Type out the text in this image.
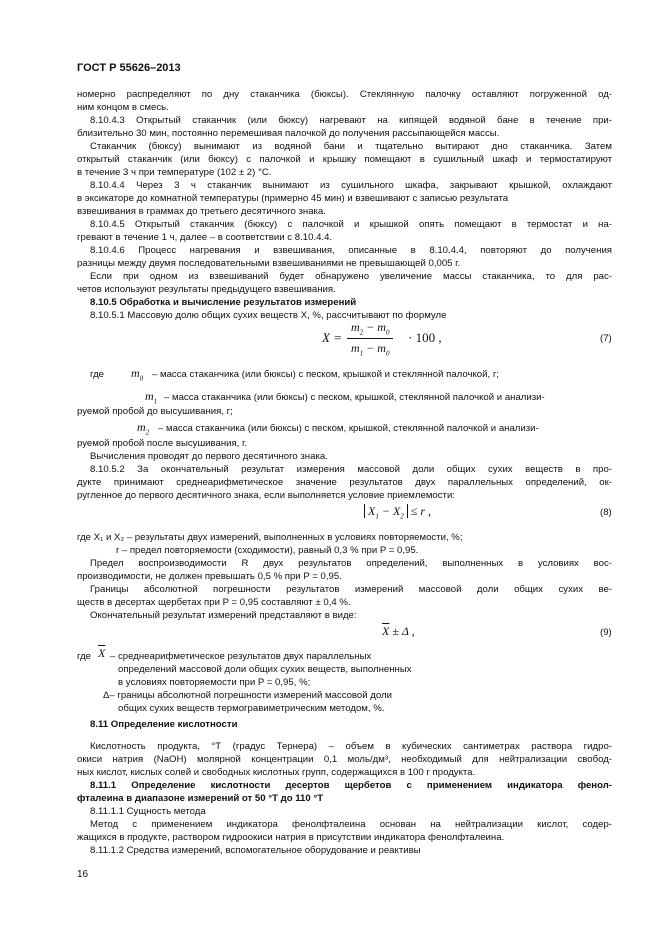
ГОСТ Р 55626–2013
номерно распределяют по дну стаканчика (бюксы). Стеклянную палочку оставляют погруженной од-
ним концом в смесь.
8.10.4.3 Открытый стаканчик (или бюксу) нагревают на кипящей водяной бане в течение при-
близительно 30 мин, постоянно перемешивая палочкой до получения рассыпающейся массы.
Стаканчик (бюксу) вынимают из водяной бани и тщательно вытирают дно стаканчика. Затем
открытый стаканчик (или бюксу) с палочкой и крышку помещают в сушильный шкаф и термостатируют
в течение 3 ч при температуре (102 ± 2) °С.
8.10.4.4 Через 3 ч стаканчик вынимают из сушильного шкафа, закрывают крышкой, охлаждают
в эксикаторе до комнатной температуры (примерно 45 мин) и взвешивают с записью результата
взвешивания в граммах до третьего десятичного знака.
8.10.4.5 Открытый стаканчик (бюксу) с палочкой и крышкой опять помещают в термостат и на-
гревают в течение 1 ч, далее – в соответствии с 8.10.4.4.
8.10.4.6 Процесс нагревания и взвешивания, описанные в 8.10.4.4, повторяют до получения
разницы между двумя последовательными взвешиваниями не превышающей 0,005 г.
Если при одном из взвешиваний будет обнаружено увеличение массы стаканчика, то для рас-
четов используют результаты предыдущего взвешивания.
8.10.5 Обработка и вычисление результатов измерений
8.10.5.1 Массовую долю общих сухих веществ X, %, рассчитывают по формуле
$X = \frac{m_2 - m_0}{m_1 - m_0} \cdot 100$ ,	(7)
где $m_0$ – масса стаканчика (или бюксы) с песком, крышкой и стеклянной палочкой, г;
$m_1$ – масса стаканчика (или бюксы) с песком, крышкой, стеклянной палочкой и анализи-
руемой пробой до высушивания, г;
$m_2$ – масса стаканчика (или бюксы) с песком, крышкой, стеклянной палочкой и анализи-
руемой пробой после высушивания, г.
Вычисления проводят до первого десятичного знака.
8.10.5.2 За окончательный результат измерения массовой доли общих сухих веществ в про-
дукте принимают среднеарифметическое значение результатов двух параллельных определений, ок-
ругленное до первого десятичного знака, если выполняется условие приемлемости:
$X_1 - X_2 \le r$ ,	(8)
где X₁ и X₂ – результаты двух измерений, выполненных в условиях повторяемости, %;
r – предел повторяемости (сходимости), равный 0,3 % при P = 0,95.
Предел воспроизводимости R двух результатов определений, выполненных в условиях вос-
производимости, не должен превышать 0,5 % при P = 0,95.
Границы абсолютной погрешности результатов измерений массовой доли общих сухих ве-
ществ в десертах щербетах при P = 0,95 составляют ± 0,4 %.
Окончательный результат измерений представляют в виде:
$\overline{X} \pm \Delta$ ,	(9)
где $\overline{X}$ – среднеарифметическое результатов двух параллельных
определений массовой доли общих сухих веществ, выполненных
в условиях повторяемости при P = 0,95, %;
Δ– границы абсолютной погрешности измерений массовой доли
общих сухих веществ термогравиметрическим методом, %.
8.11 Определение кислотности
Кислотность продукта, °Т (градус Тернера) – объем в кубических сантиметрах раствора гидро-
окиси натрия (NaOH) молярной концентрации 0,1 моль/дм³, необходимый для нейтрализации свобод-
ных кислот, кислых солей и свободных кислотных групп, содержащихся в 100 г продукта.
8.11.1 Определение кислотности десертов щербетов с применением индикатора фенол-
фталеина в диапазоне измерений от 50 °Т до 110 °Т
8.11.1.1 Сущность метода
Метод с применением индикатора фенолфталеина основан на нейтрализации кислот, содер-
жащихся в продукте, раствором гидроокиси натрия в присутствии индикатора фенолфталеина.
8.11.1.2 Средства измерений, вспомогательное оборудование и реактивы
16
